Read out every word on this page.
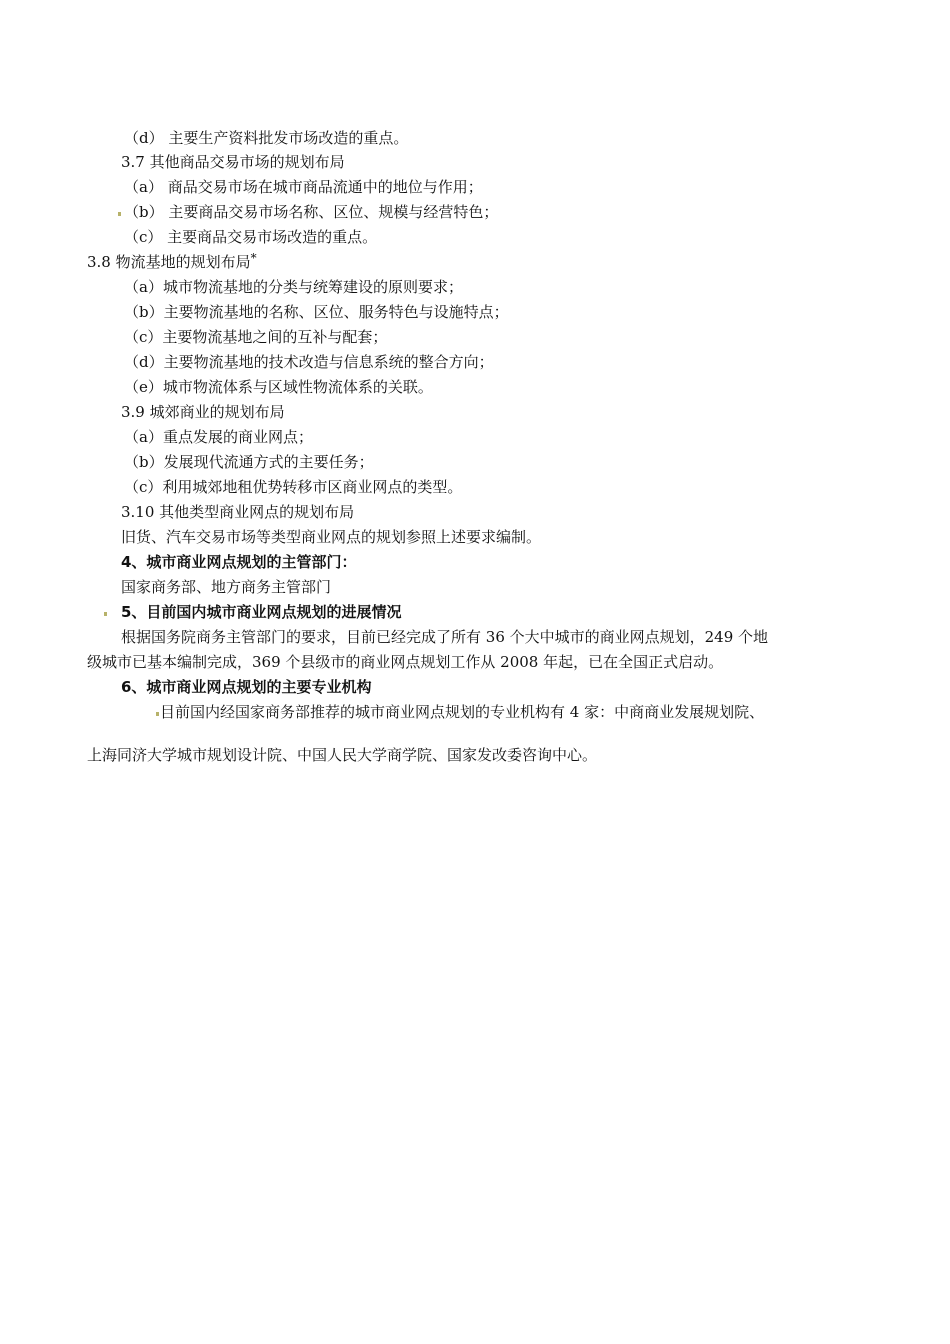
（d） 主要生产资料批发市场改造的重点。
3.7 其他商品交易市场的规划布局
（a） 商品交易市场在城市商品流通中的地位与作用；
（b） 主要商品交易市场名称、区位、规模与经营特色；
（c） 主要商品交易市场改造的重点。
3.8 物流基地的规划布局 *
（a）城市物流基地的分类与统筹建设的原则要求；
（b）主要物流基地的名称、区位、服务特色与设施特点；
（c）主要物流基地之间的互补与配套；
（d）主要物流基地的技术改造与信息系统的整合方向；
（e）城市物流体系与区域性物流体系的关联。
3.9 城郊商业的规划布局
（a）重点发展的商业网点；
（b）发展现代流通方式的主要任务；
（c）利用城郊地租优势转移市区商业网点的类型。
3.10 其他类型商业网点的规划布局
旧货、汽车交易市场等类型商业网点的规划参照上述要求编制。
4、城市商业网点规划的主管部门：
国家商务部、地方商务主管部门
5、目前国内城市商业网点规划的进展情况
根据国务院商务主管部门的要求，目前已经完成了所有 36 个大中城市的商业网点规划，249 个地
级城市已基本编制完成，369 个县级市的商业网点规划工作从 2008 年起，已在全国正式启动。
6、城市商业网点规划的主要专业机构
目前国内经国家商务部推荐的城市商业网点规划的专业机构有 4 家：中商商业发展规划院、
上海同济大学城市规划设计院、中国人民大学商学院、国家发改委咨询中心。
